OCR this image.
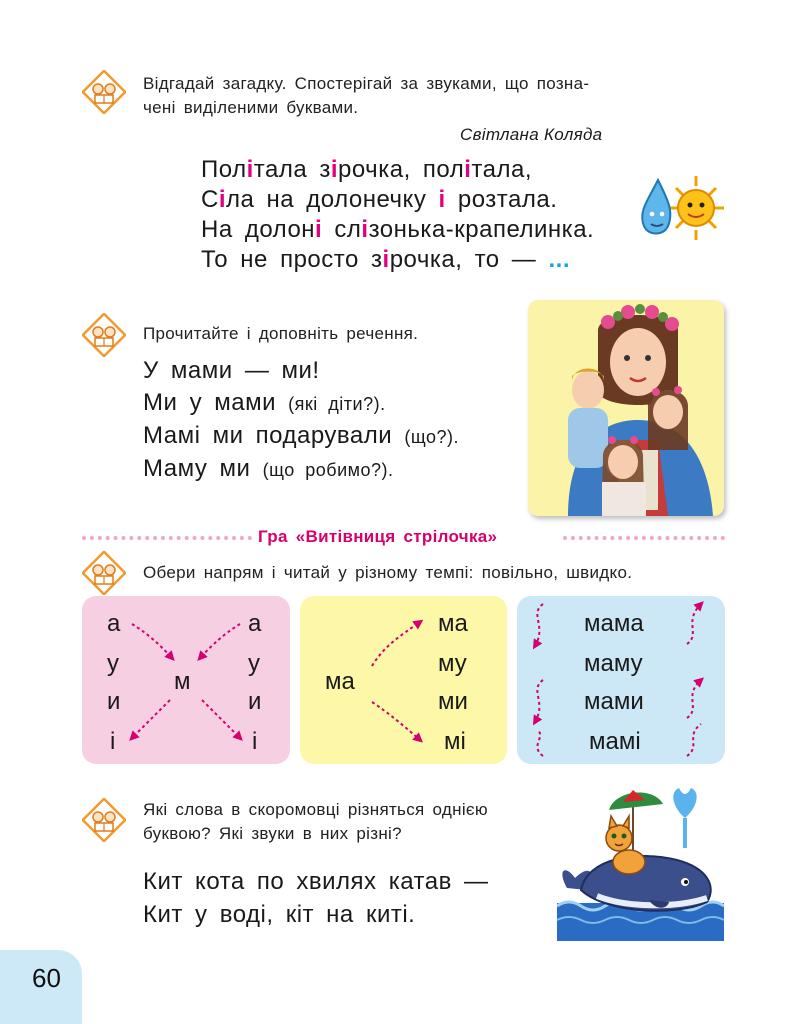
Відгадай загадку. Спостерігай за звуками, що позна-
чені виділеними буквами.
Світлана Коляда
Політала зірочка, політала,
Сіла на долонечку і розтала.
На долоні слізонька-крапелинка.
То не просто зірочка, то — ...
Прочитайте і доповніть речення.
У мами — ми!
Ми у мами (які діти?).
Мамі ми подарували (що?).
Маму ми (що робимо?).
Гра «Витівниця стрілочка»
Обери напрям і читай у різному темпі: повільно, швидко.
а
у
и
і
а
у
и
і
м	ма
ма
му
ми
мі
мама
маму
мами
мамі
Які слова в скоромовці різняться однією
буквою? Які звуки в них різні?
Кит кота по хвилях катав —
Кит у воді, кіт на киті.
60
